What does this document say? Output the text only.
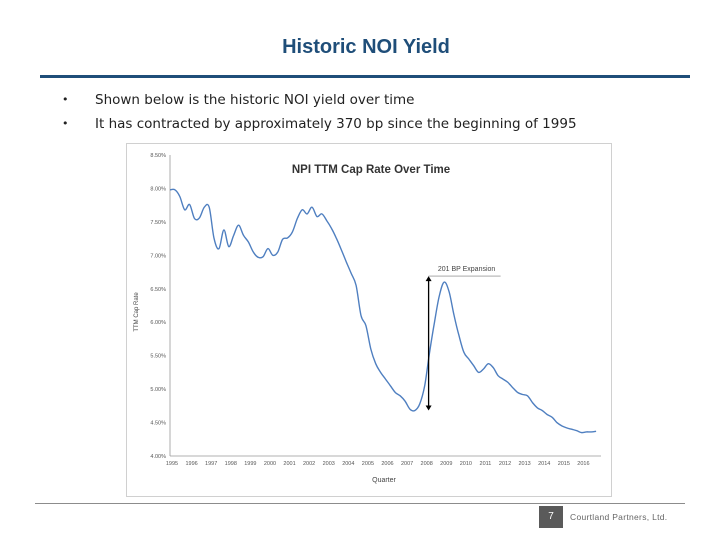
Historic NOI Yield
• Shown below is the historic NOI yield over time
• It has contracted by approximately 370 bp since the beginning of 1995
NPI TTM Cap Rate Over Time
TTM Cap Rate
Quarter
4.00%
4.50%
5.00%
5.50%
6.00%
6.50%
7.00%
7.50%
8.00%
8.50%
1995 1996 1997 1998 1999 2000 2001 2002 2003 2004 2005 2006 2007 2008 2009 2010 2011 2012 2013 2014 2015 2016
201 BP Expansion
7	Courtland Partners, Ltd.
